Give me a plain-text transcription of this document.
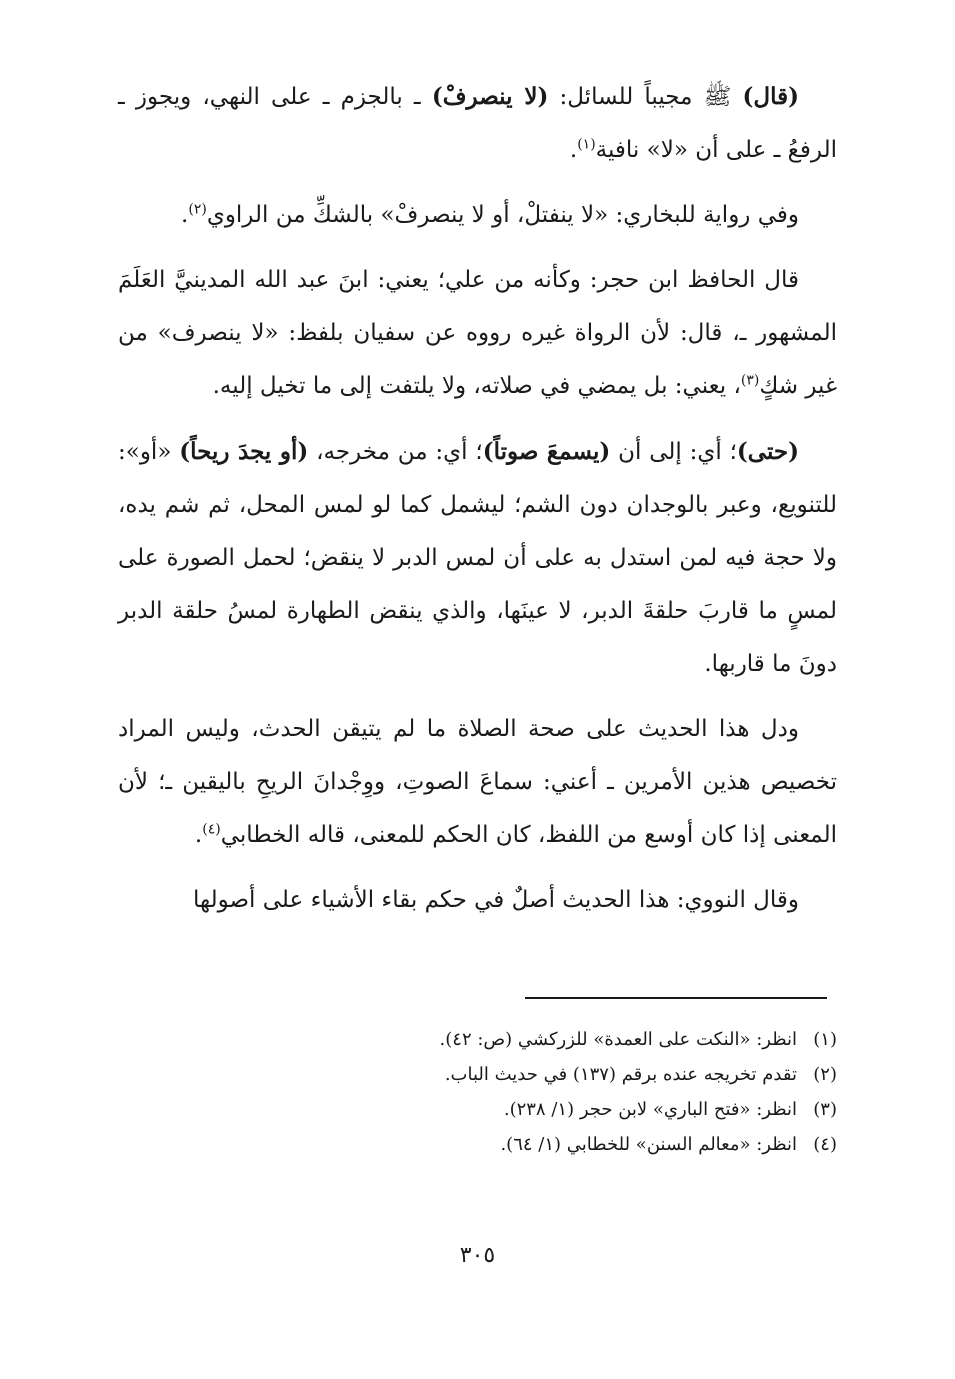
(قال) ﷺ مجيباً للسائل: (لا ينصرفْ) ـ بالجزم ـ على النهي، ويجوز ـ الرفعُ ـ على أن «لا» نافية$^{(١)}$.

وفي رواية للبخاري: «لا ينفتلْ، أو لا ينصرفْ» بالشكِّ من الراوي$^{(٢)}$.

قال الحافظ ابن حجر: وكأنه من علي؛ يعني: ابنَ عبد الله المدينيَّ العَلَمَ المشهور ـ، قال: لأن الرواة غيره رووه عن سفيان بلفظ: «لا ينصرف» من غير شكٍ$^{(٣)}$، يعني: بل يمضي في صلاته، ولا يلتفت إلى ما تخيل إليه.

(حتى)؛ أي: إلى أن (يسمعَ صوتاً)؛ أي: من مخرجه، (أو يجدَ ريحاً) «أو»: للتنويع، وعبر بالوجدان دون الشم؛ ليشمل كما لو لمس المحل، ثم شم يده، ولا حجة فيه لمن استدل به على أن لمس الدبر لا ينقض؛ لحمل الصورة على لمسٍ ما قاربَ حلقةَ الدبر، لا عينَها، والذي ينقض الطهارة لمسُ حلقة الدبر دونَ ما قاربها.

ودل هذا الحديث على صحة الصلاة ما لم يتيقن الحدث، وليس المراد تخصيص هذين الأمرين ـ أعني: سماعَ الصوتِ، ووِجْدانَ الريحِ باليقين ـ؛ لأن المعنى إذا كان أوسع من اللفظ، كان الحكم للمعنى، قاله الخطابي$^{(٤)}$.

وقال النووي: هذا الحديث أصلٌ في حكم بقاء الأشياء على أصولها

(١)انظر: «النكت على العمدة» للزركشي (ص: ٤٢).

(٢)تقدم تخريجه عنده برقم (١٣٧) في حديث الباب.

(٣)انظر: «فتح الباري» لابن حجر (١/ ٢٣٨).

(٤)انظر: «معالم السنن» للخطابي (١/ ٦٤).

٣٠٥
